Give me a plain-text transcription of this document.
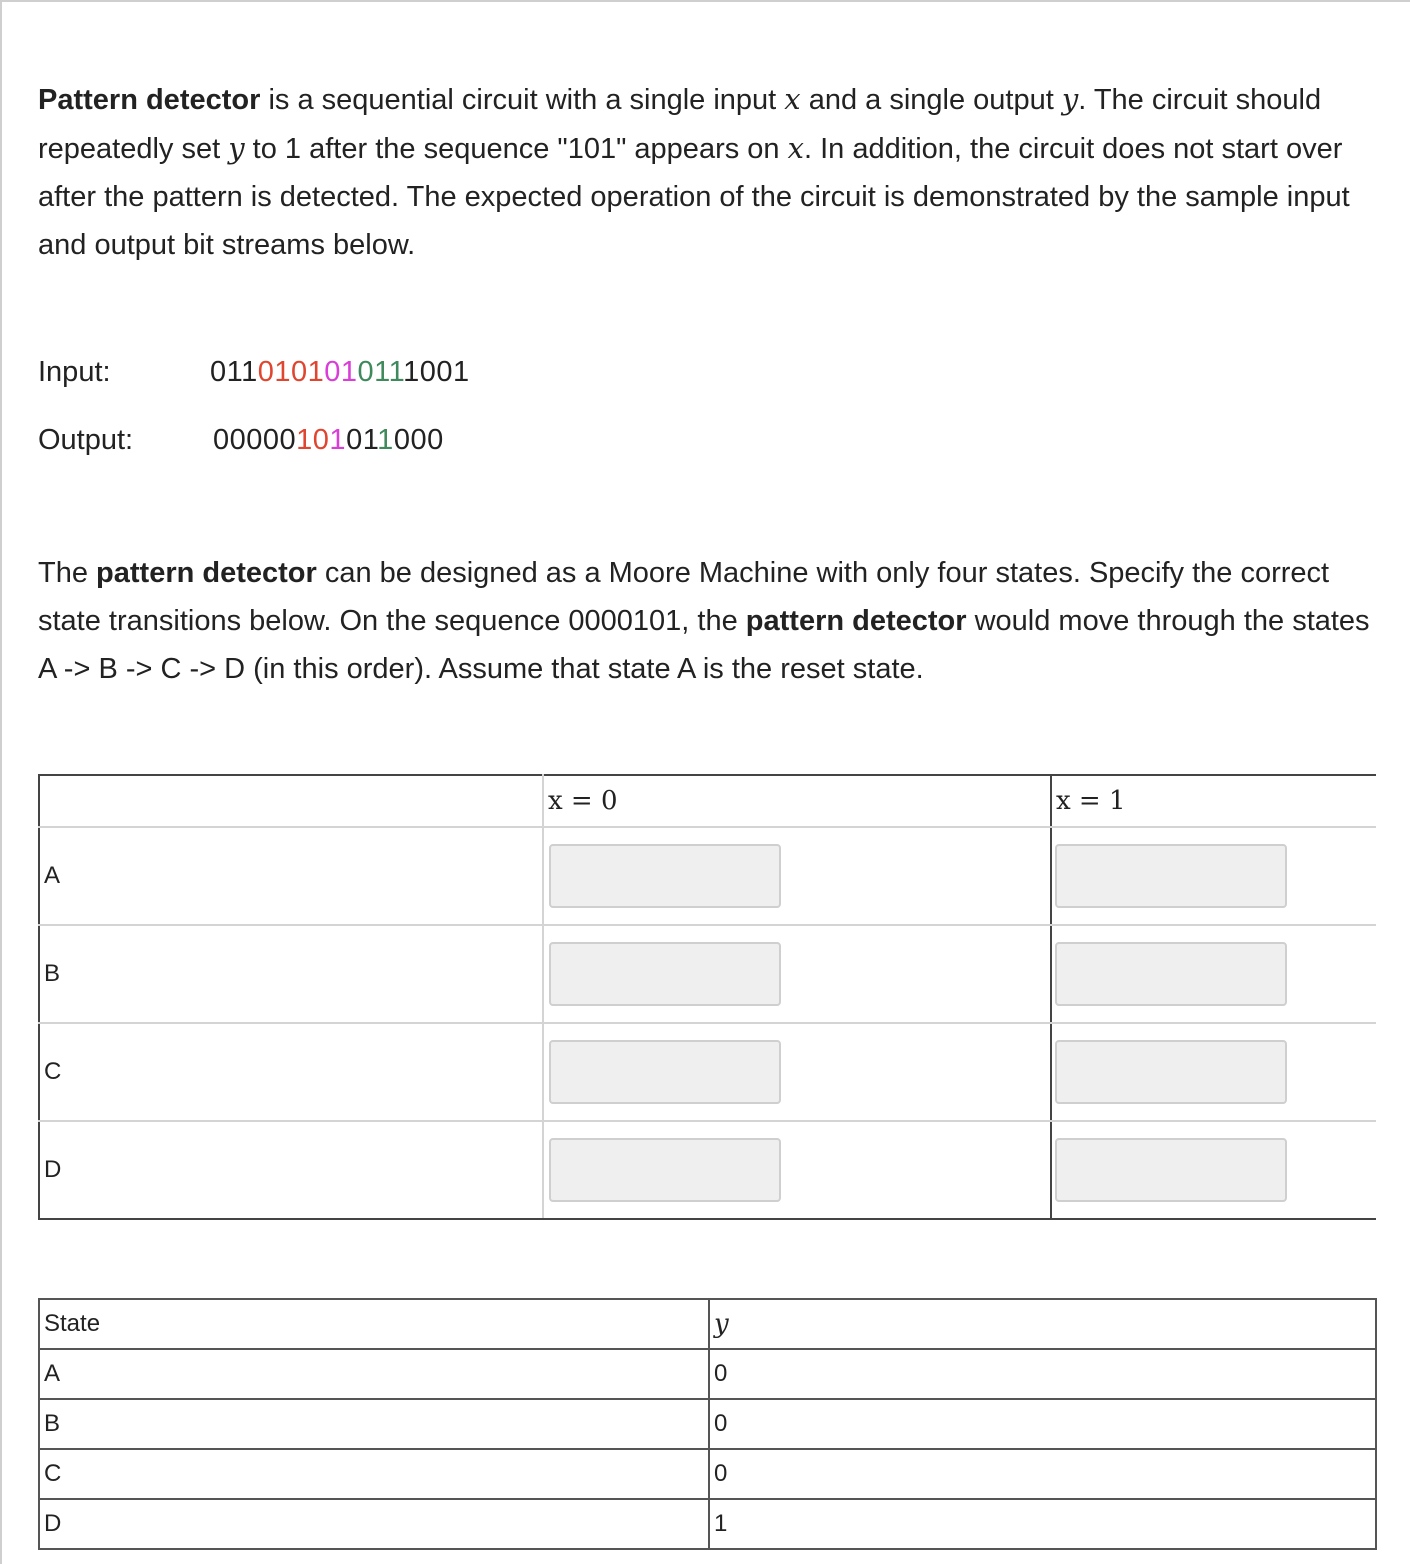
Pattern detector is a sequential circuit with a single input x and a single output y. The circuit should repeatedly set y to 1 after the sequence "101" appears on x. In addition, the circuit does not start over after the pattern is detected. The expected operation of the circuit is demonstrated by the sample input and output bit streams below.

Input:	0110101010111001
Output:	00000101011000

The pattern detector can be designed as a Moore Machine with only four states. Specify the correct state transitions below. On the sequence 0000101, the pattern detector would move through the states A -> B -> C -> D (in this order). Assume that state A is the reset state.

	x = 0	x = 1
A	

B	

C	

D	

State	y
A	0
B	0
C	0
D	1
